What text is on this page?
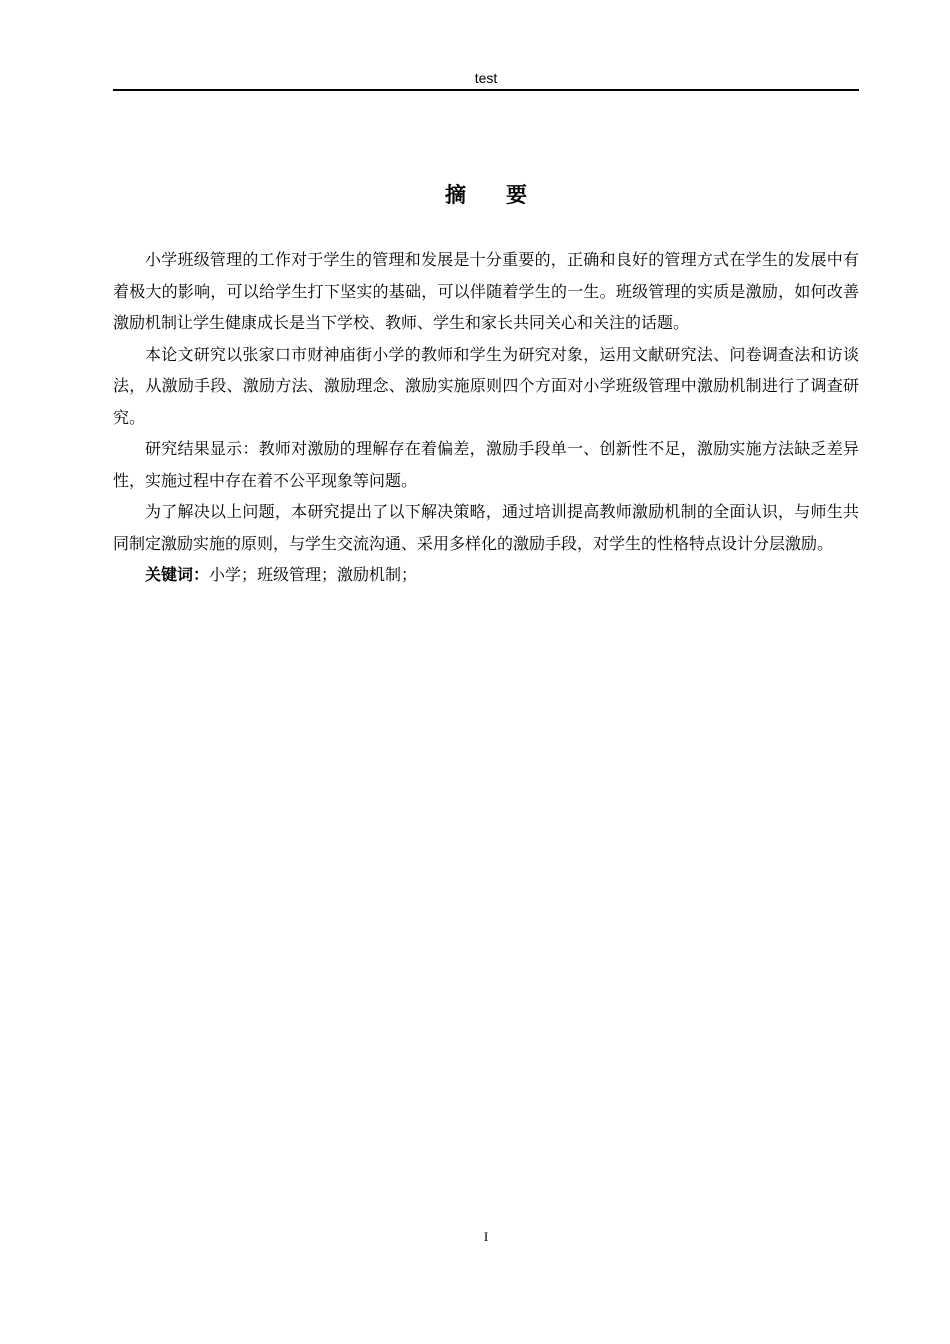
test
摘要

小学班级管理的工作对于学生的管理和发展是十分重要的，正确和良好的管理方式在学生的发展中有着极大的影响，可以给学生打下坚实的基础，可以伴随着学生的一生。班级管理的实质是激励，如何改善激励机制让学生健康成长是当下学校、教师、学生和家长共同关心和关注的话题。

本论文研究以张家口市财神庙街小学的教师和学生为研究对象，运用文献研究法、问卷调查法和访谈法，从激励手段、激励方法、激励理念、激励实施原则四个方面对小学班级管理中激励机制进行了调查研究。

研究结果显示：教师对激励的理解存在着偏差，激励手段单一、创新性不足，激励实施方法缺乏差异性，实施过程中存在着不公平现象等问题。

为了解决以上问题，本研究提出了以下解决策略，通过培训提高教师激励机制的全面认识，与师生共同制定激励实施的原则，与学生交流沟通、采用多样化的激励手段，对学生的性格特点设计分层激励。

关键词：小学；班级管理；激励机制；

I
